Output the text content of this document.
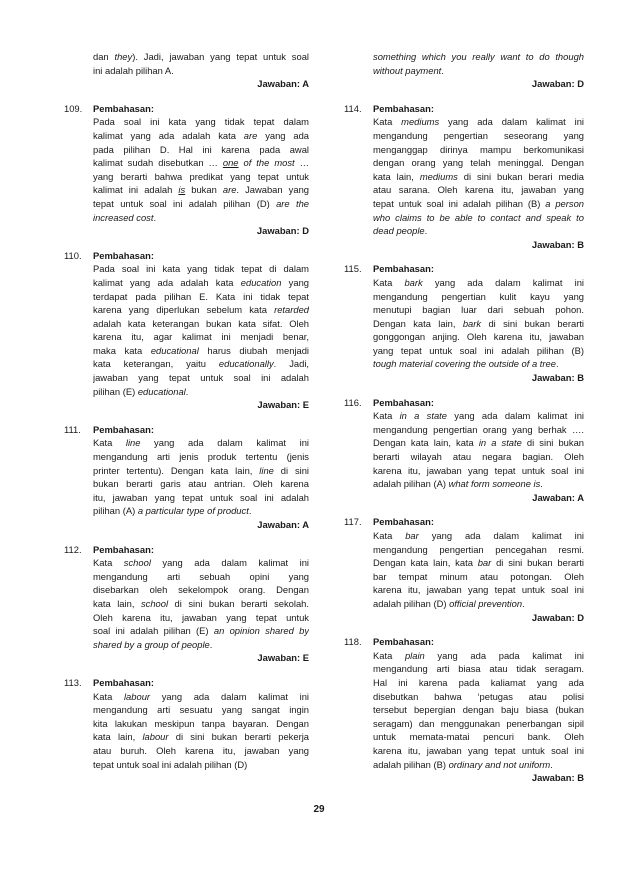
dan they). Jadi, jawaban yang tepat untuk soal
ini adalah pilihan A.
Jawaban: A
109. Pembahasan:
Pada soal ini kata yang tidak tepat dalam
kalimat yang ada adalah kata are yang ada
pada pilihan D. Hal ini karena pada awal
kalimat sudah disebutkan … one of the most …
yang berarti bahwa predikat yang tepat untuk
kalimat ini adalah is bukan are. Jawaban yang
tepat untuk soal ini adalah pilihan (D) are the
increased cost.
Jawaban: D
110. Pembahasan:
Pada soal ini kata yang tidak tepat di dalam
kalimat yang ada adalah kata education yang
terdapat pada pilihan E. Kata ini tidak tepat
karena yang diperlukan sebelum kata retarded
adalah kata keterangan bukan kata sifat. Oleh
karena itu, agar kalimat ini menjadi benar,
maka kata educational harus diubah menjadi
kata keterangan, yaitu educationally. Jadi,
jawaban yang tepat untuk soal ini adalah
pilihan (E) educational.
Jawaban: E
111. Pembahasan:
Kata line yang ada dalam kalimat ini
mengandung arti jenis produk tertentu (jenis
printer tertentu). Dengan kata lain, line di sini
bukan berarti garis atau antrian. Oleh karena
itu, jawaban yang tepat untuk soal ini adalah
pilihan (A) a particular type of product.
Jawaban: A
112. Pembahasan:
Kata school yang ada dalam kalimat ini
mengandung arti sebuah opini yang
disebarkan oleh sekelompok orang. Dengan
kata lain, school di sini bukan berarti sekolah.
Oleh karena itu, jawaban yang tepat untuk
soal ini adalah pilihan (E) an opinion shared by
shared by a group of people.
Jawaban: E
113. Pembahasan:
Kata labour yang ada dalam kalimat ini
mengandung arti sesuatu yang sangat ingin
kita lakukan meskipun tanpa bayaran. Dengan
kata lain, labour di sini bukan berarti pekerja
atau buruh. Oleh karena itu, jawaban yang
tepat untuk soal ini adalah pilihan (D)
something which you really want to do though
without payment.
Jawaban: D
114. Pembahasan:
Kata mediums yang ada dalam kalimat ini
mengandung pengertian seseorang yang
menganggap dirinya mampu berkomunikasi
dengan orang yang telah meninggal. Dengan
kata lain, mediums di sini bukan berari media
atau sarana. Oleh karena itu, jawaban yang
tepat untuk soal ini adalah pilihan (B) a person
who claims to be able to contact and speak to
dead people.
Jawaban: B
115. Pembahasan:
Kata bark yang ada dalam kalimat ini
mengandung pengertian kulit kayu yang
menutupi bagian luar dari sebuah pohon.
Dengan kata lain, bark di sini bukan berarti
gonggongan anjing. Oleh karena itu, jawaban
yang tepat untuk soal ini adalah pilihan (B)
tough material covering the outside of a tree.
Jawaban: B
116. Pembahasan:
Kata in a state yang ada dalam kalimat ini
mengandung pengertian orang yang berhak ….
Dengan kata lain, kata in a state di sini bukan
berarti wilayah atau negara bagian. Oleh
karena itu, jawaban yang tepat untuk soal ini
adalah pilihan (A) what form someone is.
Jawaban: A
117. Pembahasan:
Kata bar yang ada dalam kalimat ini
mengandung pengertian pencegahan resmi.
Dengan kata lain, kata bar di sini bukan berarti
bar tempat minum atau potongan. Oleh
karena itu, jawaban yang tepat untuk soal ini
adalah pilihan (D) official prevention.
Jawaban: D
118. Pembahasan:
Kata plain yang ada pada kalimat ini
mengandung arti biasa atau tidak seragam.
Hal ini karena pada kaliamat yang ada
disebutkan bahwa ‘petugas atau polisi
tersebut bepergian dengan baju biasa (bukan
seragam) dan menggunakan penerbangan sipil
untuk memata-matai pencuri bank. Oleh
karena itu, jawaban yang tepat untuk soal ini
adalah pilihan (B) ordinary and not uniform.
Jawaban: B
29
